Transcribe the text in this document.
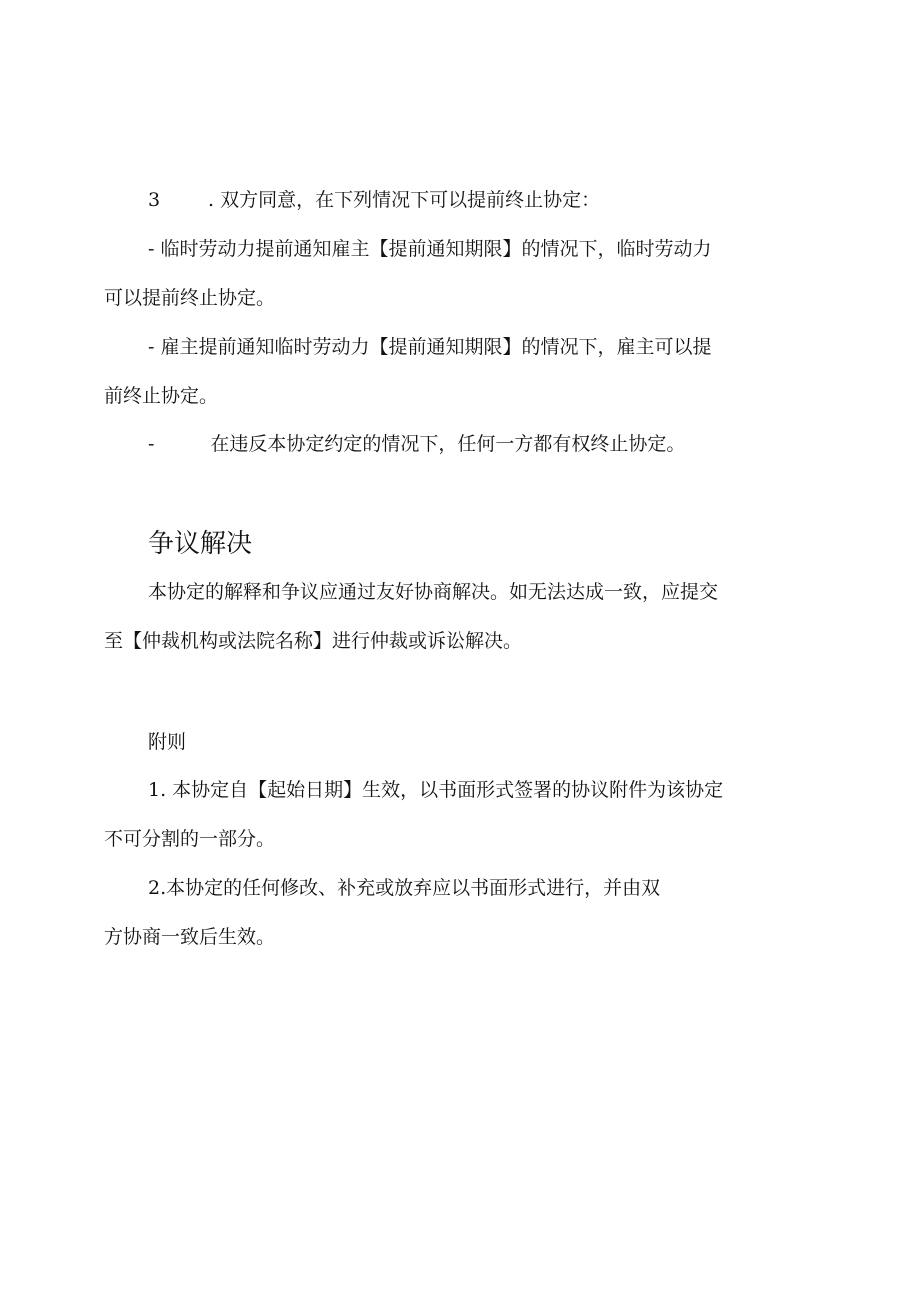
3	. 双方同意，在下列情况下可以提前终止协定：
- 临时劳动力提前通知雇主【提前通知期限】的情况下，临时劳动力
可以提前终止协定。
- 雇主提前通知临时劳动力【提前通知期限】的情况下，雇主可以提
前终止协定。
-	在违反本协定约定的情况下，任何一方都有权终止协定。
争议解决
本协定的解释和争议应通过友好协商解决。如无法达成一致，应提交
至【仲裁机构或法院名称】进行仲裁或诉讼解决。
附则
1. 本协定自【起始日期】生效，以书面形式签署的协议附件为该协定
不可分割的一部分。
2.本协定的任何修改、补充或放弃应以书面形式进行，并由双
方协商一致后生效。
